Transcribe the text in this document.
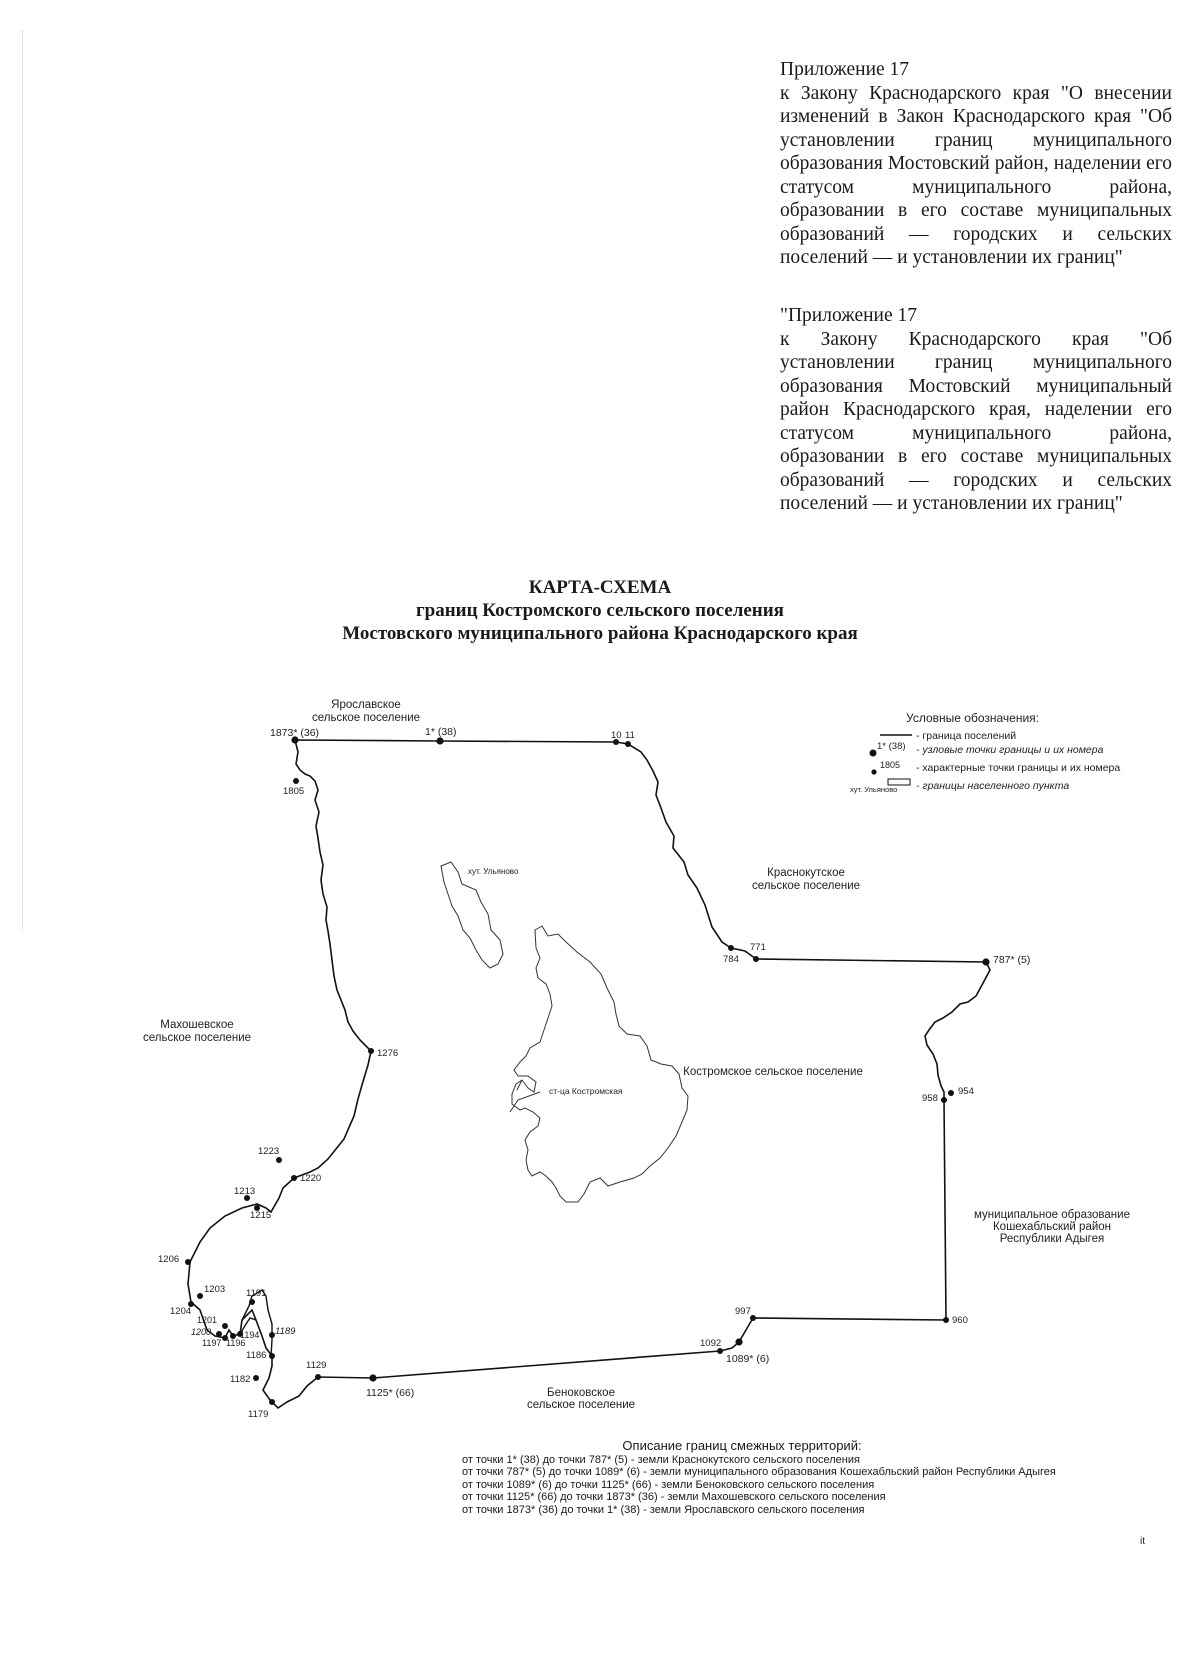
Приложение 17
к Закону Краснодарского края "О внесении изменений в Закон Краснодарского края "Об установлении границ муниципального образования Мостовский район, наделении его статусом муниципального района, образовании в его составе муниципальных образований — городских и сельских поселений — и установлении их границ"
"Приложение 17
к Закону Краснодарского края "Об установлении границ муниципального образования Мостовский муниципальный район Краснодарского края, наделении его статусом муниципального района, образовании в его составе муниципальных образований — городских и сельских поселений — и установлении их границ"
КАРТА-СХЕМА
границ Костромского сельского поселения
Мостовского муниципального района Краснодарского края
1873* (36)	1* (38)	10 11
1805
771
784	787* (5)
1276
954
958
1223
1220
1213
1215
1206
1203
1204
1201
1200
1197 1196
1194
1191
1189
1186
1182
1179
1129
1125* (66)
1092
1089* (6)
997
960
Ярославское
сельское поселение
Краснокутское
сельское поселение
Махошевское
сельское поселение
Костромское сельское поселение
муниципальное образование
Кошехабльский район
Республики Адыгея
Беноковское
сельское поселение
хут. Ульяново
ст-ца Костромская
Условные обозначения:
- граница поселений
1* (38) - узловые точки границы и их номера
1805 - характерные точки границы и их номера
хут. Ульяново - границы населенного пункта
Описание границ смежных территорий:
от точки 1* (38) до точки 787* (5) - земли Краснокутского сельского поселения
от точки 787* (5) до точки 1089* (6) - земли муниципального образования Кошехабльский район Республики Адыгея
от точки 1089* (6) до точки 1125* (66) - земли Беноковского сельского поселения
от точки 1125* (66) до точки 1873* (36) - земли Махошевского сельского поселения
от точки 1873* (36) до точки 1* (38) - земли Ярославского сельского поселения
it
